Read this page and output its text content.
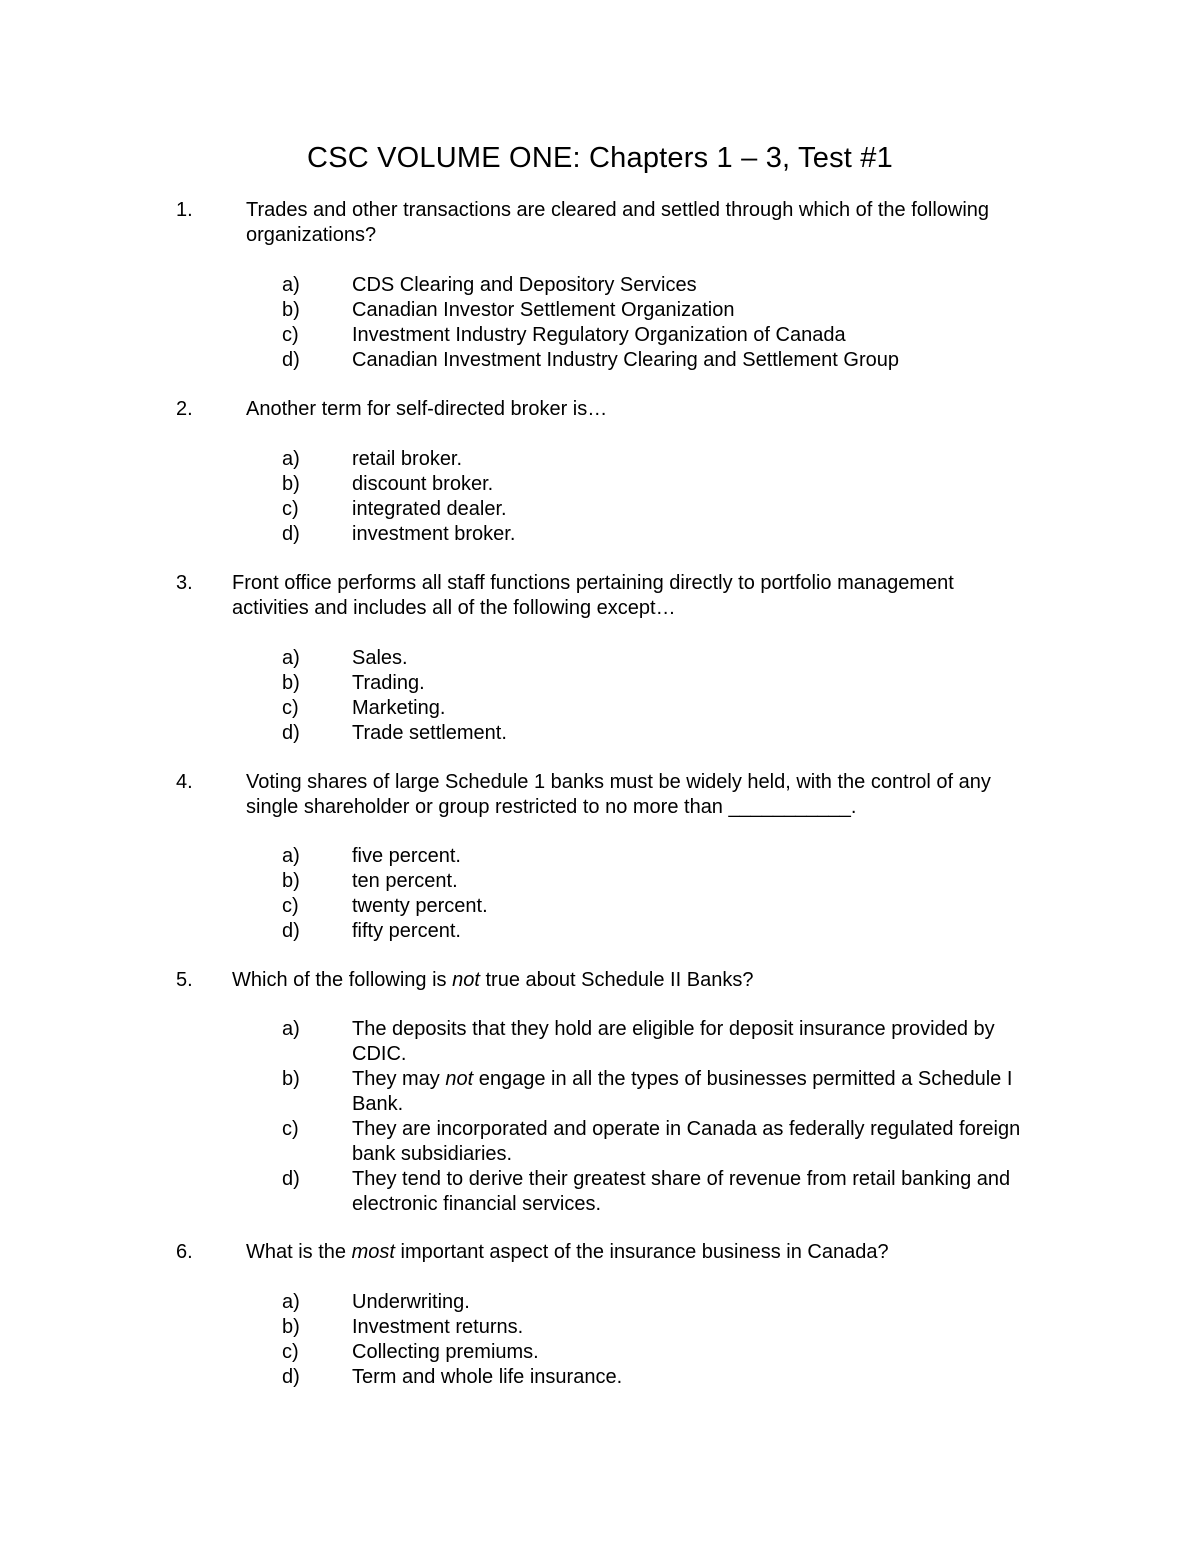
CSC VOLUME ONE: Chapters 1 – 3, Test #1
1.	Trades and other transactions are cleared and settled through which of the following organizations?
a)	CDS Clearing and Depository Services
b)	Canadian Investor Settlement Organization
c)	Investment Industry Regulatory Organization of Canada
d)	Canadian Investment Industry Clearing and Settlement Group
2.	Another term for self-directed broker is…
a)	retail broker.
b)	discount broker.
c)	integrated dealer.
d)	investment broker.
3. Front office performs all staff functions pertaining directly to portfolio management activities and includes all of the following except…
a)	Sales.
b)	Trading.
c)	Marketing.
d)	Trade settlement.
4.	Voting shares of large Schedule 1 banks must be widely held, with the control of any single shareholder or group restricted to no more than ___________.
a)	five percent.
b)	ten percent.
c)	twenty percent.
d)	fifty percent.
5. Which of the following is not true about Schedule II Banks?
a)	The deposits that they hold are eligible for deposit insurance provided by CDIC.
b)	They may not engage in all the types of businesses permitted a Schedule I Bank.
c)	They are incorporated and operate in Canada as federally regulated foreign bank subsidiaries.
d)	They tend to derive their greatest share of revenue from retail banking and electronic financial services.
6.	What is the most important aspect of the insurance business in Canada?
a)	Underwriting.
b)	Investment returns.
c)	Collecting premiums.
d)	Term and whole life insurance.
